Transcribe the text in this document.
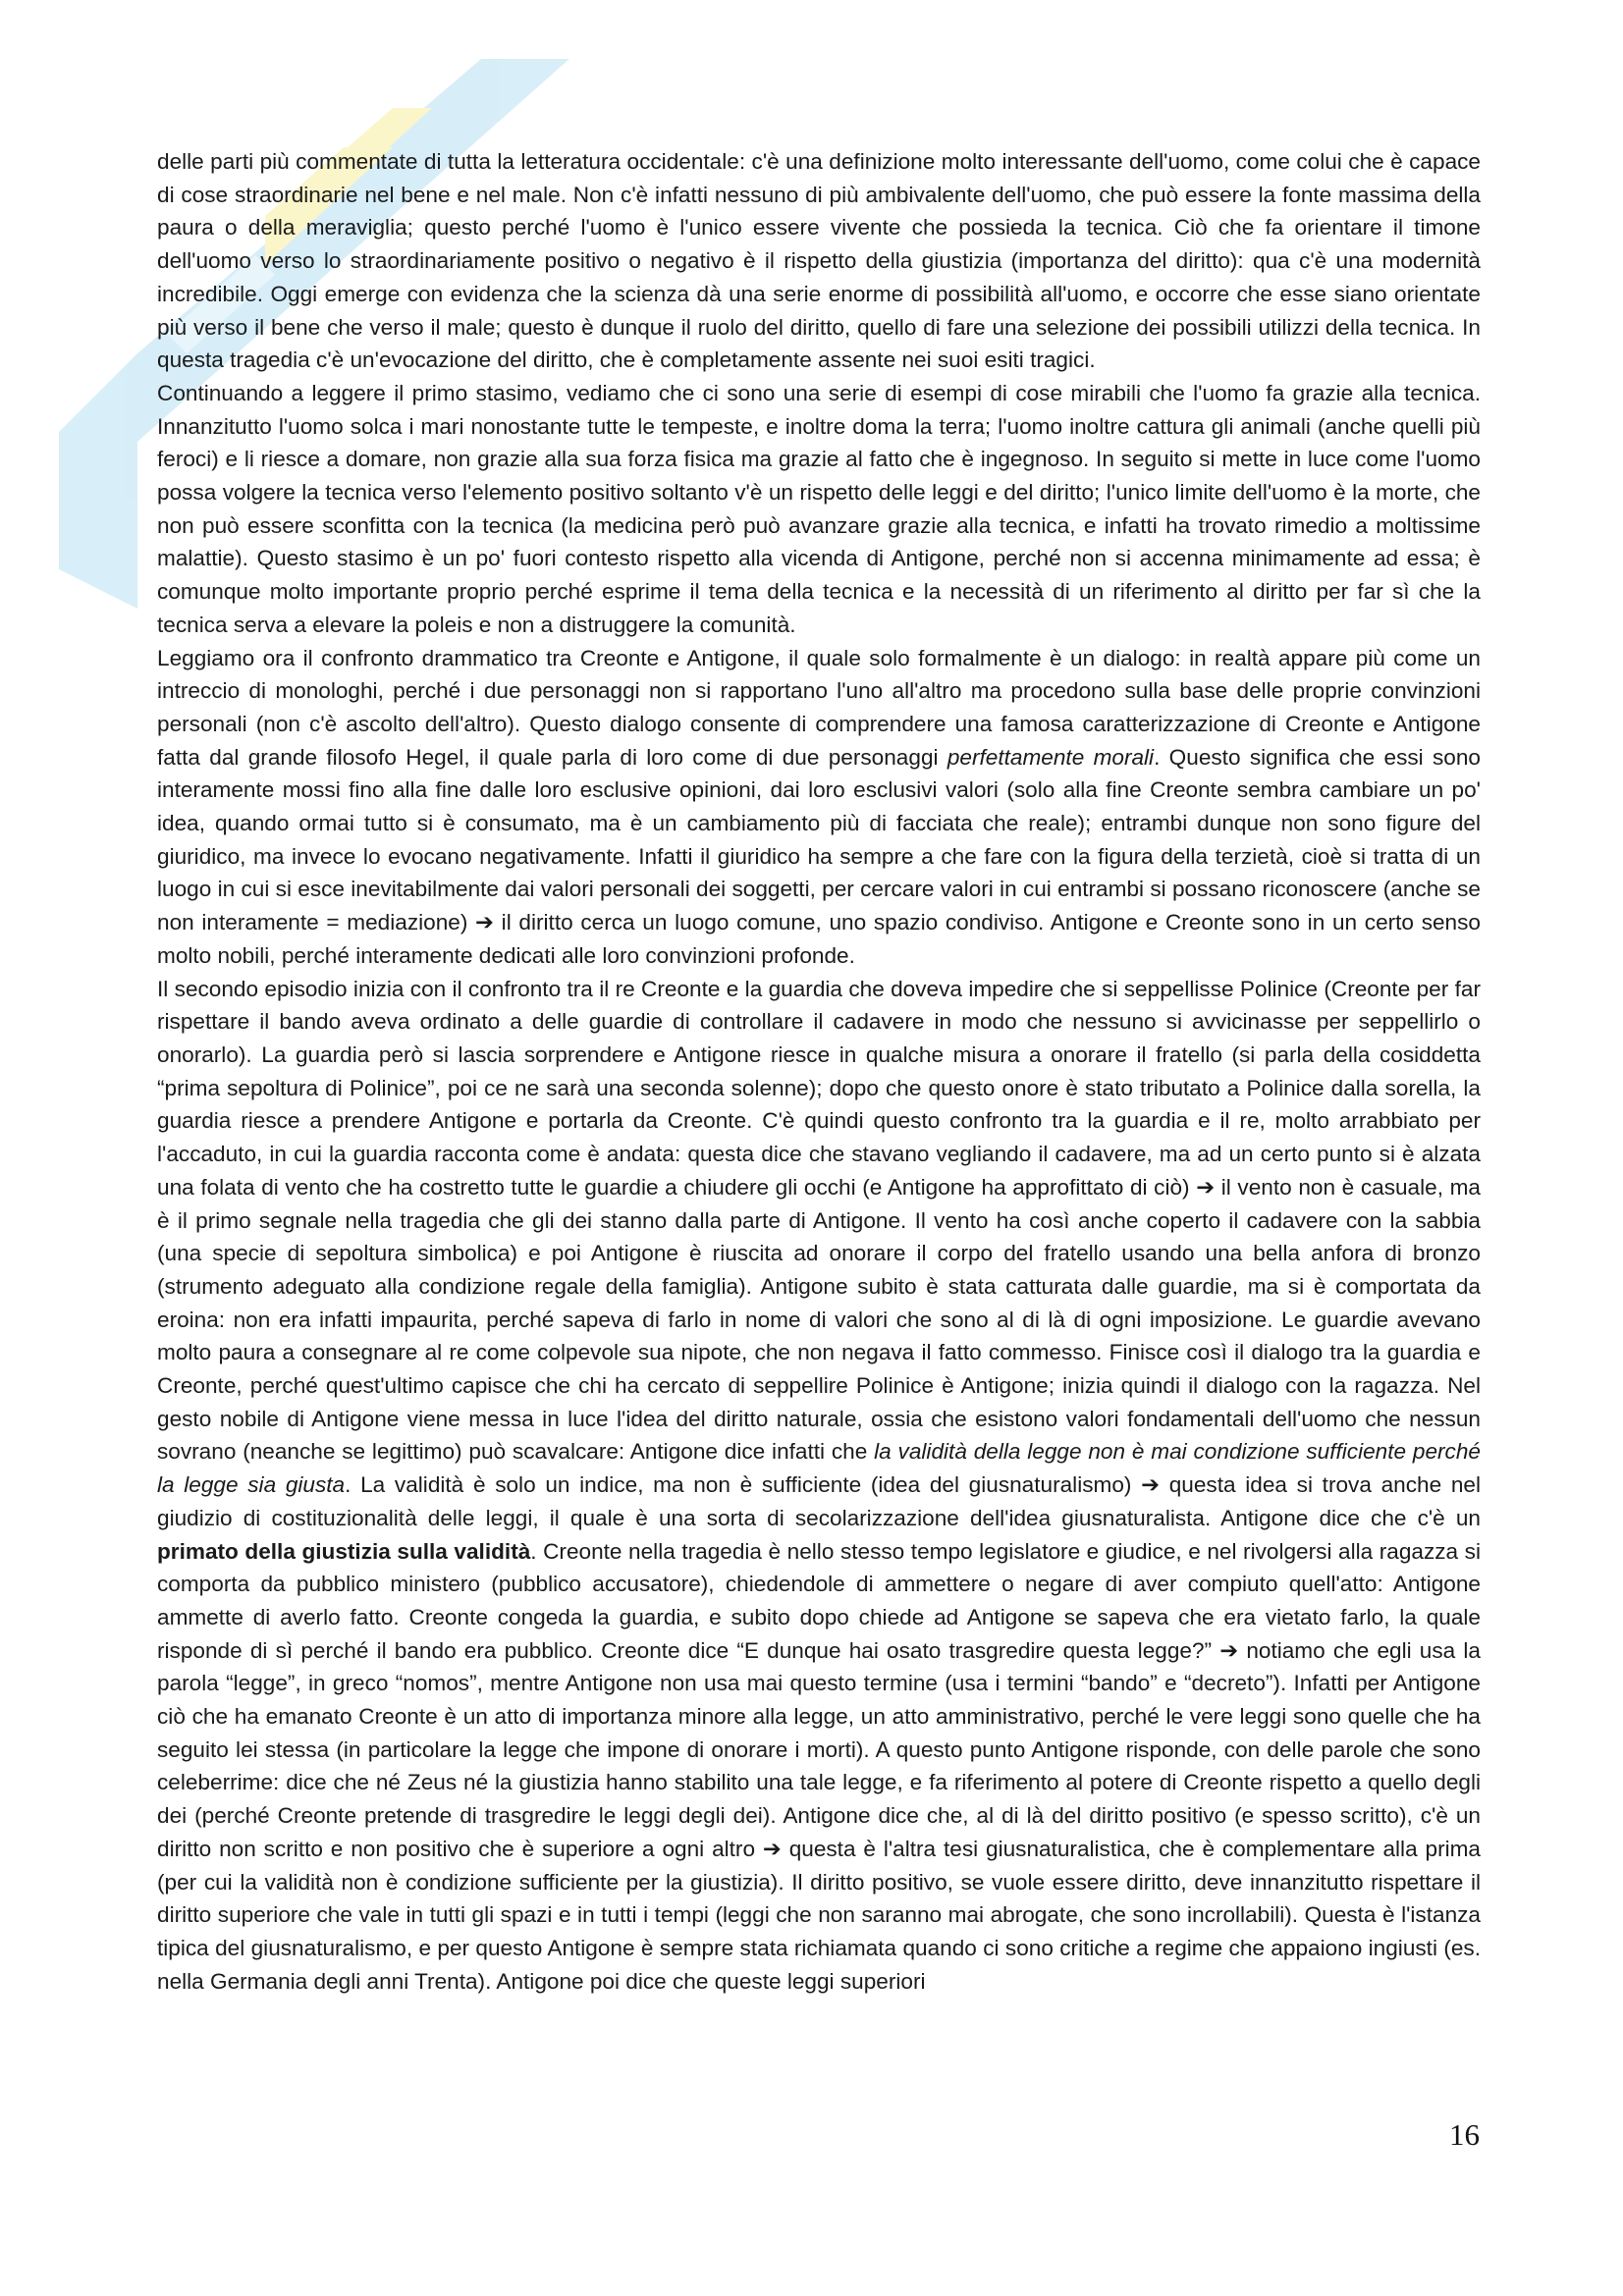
delle parti più commentate di tutta la letteratura occidentale: c'è una definizione molto interessante dell'uomo, come colui che è capace di cose straordinarie nel bene e nel male. Non c'è infatti nessuno di più ambivalente dell'uomo, che può essere la fonte massima della paura o della meraviglia; questo perché l'uomo è l'unico essere vivente che possieda la tecnica. Ciò che fa orientare il timone dell'uomo verso lo straordinariamente positivo o negativo è il rispetto della giustizia (importanza del diritto): qua c'è una modernità incredibile. Oggi emerge con evidenza che la scienza dà una serie enorme di possibilità all'uomo, e occorre che esse siano orientate più verso il bene che verso il male; questo è dunque il ruolo del diritto, quello di fare una selezione dei possibili utilizzi della tecnica. In questa tragedia c'è un'evocazione del diritto, che è completamente assente nei suoi esiti tragici.

Continuando a leggere il primo stasimo, vediamo che ci sono una serie di esempi di cose mirabili che l'uomo fa grazie alla tecnica. Innanzitutto l'uomo solca i mari nonostante tutte le tempeste, e inoltre doma la terra; l'uomo inoltre cattura gli animali (anche quelli più feroci) e li riesce a domare, non grazie alla sua forza fisica ma grazie al fatto che è ingegnoso. In seguito si mette in luce come l'uomo possa volgere la tecnica verso l'elemento positivo soltanto v'è un rispetto delle leggi e del diritto; l'unico limite dell'uomo è la morte, che non può essere sconfitta con la tecnica (la medicina però può avanzare grazie alla tecnica, e infatti ha trovato rimedio a moltissime malattie). Questo stasimo è un po' fuori contesto rispetto alla vicenda di Antigone, perché non si accenna minimamente ad essa; è comunque molto importante proprio perché esprime il tema della tecnica e la necessità di un riferimento al diritto per far sì che la tecnica serva a elevare la poleis e non a distruggere la comunità.

Leggiamo ora il confronto drammatico tra Creonte e Antigone, il quale solo formalmente è un dialogo: in realtà appare più come un intreccio di monologhi, perché i due personaggi non si rapportano l'uno all'altro ma procedono sulla base delle proprie convinzioni personali (non c'è ascolto dell'altro). Questo dialogo consente di comprendere una famosa caratterizzazione di Creonte e Antigone fatta dal grande filosofo Hegel, il quale parla di loro come di due personaggi perfettamente morali. Questo significa che essi sono interamente mossi fino alla fine dalle loro esclusive opinioni, dai loro esclusivi valori (solo alla fine Creonte sembra cambiare un po' idea, quando ormai tutto si è consumato, ma è un cambiamento più di facciata che reale); entrambi dunque non sono figure del giuridico, ma invece lo evocano negativamente. Infatti il giuridico ha sempre a che fare con la figura della terzietà, cioè si tratta di un luogo in cui si esce inevitabilmente dai valori personali dei soggetti, per cercare valori in cui entrambi si possano riconoscere (anche se non interamente = mediazione) ➔ il diritto cerca un luogo comune, uno spazio condiviso. Antigone e Creonte sono in un certo senso molto nobili, perché interamente dedicati alle loro convinzioni profonde.

Il secondo episodio inizia con il confronto tra il re Creonte e la guardia che doveva impedire che si seppellisse Polinice (Creonte per far rispettare il bando aveva ordinato a delle guardie di controllare il cadavere in modo che nessuno si avvicinasse per seppellirlo o onorarlo). La guardia però si lascia sorprendere e Antigone riesce in qualche misura a onorare il fratello (si parla della cosiddetta “prima sepoltura di Polinice”, poi ce ne sarà una seconda solenne); dopo che questo onore è stato tributato a Polinice dalla sorella, la guardia riesce a prendere Antigone e portarla da Creonte. C'è quindi questo confronto tra la guardia e il re, molto arrabbiato per l'accaduto, in cui la guardia racconta come è andata: questa dice che stavano vegliando il cadavere, ma ad un certo punto si è alzata una folata di vento che ha costretto tutte le guardie a chiudere gli occhi (e Antigone ha approfittato di ciò) ➔ il vento non è casuale, ma è il primo segnale nella tragedia che gli dei stanno dalla parte di Antigone. Il vento ha così anche coperto il cadavere con la sabbia (una specie di sepoltura simbolica) e poi Antigone è riuscita ad onorare il corpo del fratello usando una bella anfora di bronzo (strumento adeguato alla condizione regale della famiglia). Antigone subito è stata catturata dalle guardie, ma si è comportata da eroina: non era infatti impaurita, perché sapeva di farlo in nome di valori che sono al di là di ogni imposizione. Le guardie avevano molto paura a consegnare al re come colpevole sua nipote, che non negava il fatto commesso. Finisce così il dialogo tra la guardia e Creonte, perché quest'ultimo capisce che chi ha cercato di seppellire Polinice è Antigone; inizia quindi il dialogo con la ragazza. Nel gesto nobile di Antigone viene messa in luce l'idea del diritto naturale, ossia che esistono valori fondamentali dell'uomo che nessun sovrano (neanche se legittimo) può scavalcare: Antigone dice infatti che la validità della legge non è mai condizione sufficiente perché la legge sia giusta. La validità è solo un indice, ma non è sufficiente (idea del giusnaturalismo) ➔ questa idea si trova anche nel giudizio di costituzionalità delle leggi, il quale è una sorta di secolarizzazione dell'idea giusnaturalista. Antigone dice che c'è un primato della giustizia sulla validità. Creonte nella tragedia è nello stesso tempo legislatore e giudice, e nel rivolgersi alla ragazza si comporta da pubblico ministero (pubblico accusatore), chiedendole di ammettere o negare di aver compiuto quell'atto: Antigone ammette di averlo fatto. Creonte congeda la guardia, e subito dopo chiede ad Antigone se sapeva che era vietato farlo, la quale risponde di sì perché il bando era pubblico. Creonte dice “E dunque hai osato trasgredire questa legge?” ➔ notiamo che egli usa la parola “legge”, in greco “nomos”, mentre Antigone non usa mai questo termine (usa i termini “bando” e “decreto”). Infatti per Antigone ciò che ha emanato Creonte è un atto di importanza minore alla legge, un atto amministrativo, perché le vere leggi sono quelle che ha seguito lei stessa (in particolare la legge che impone di onorare i morti). A questo punto Antigone risponde, con delle parole che sono celeberrime: dice che né Zeus né la giustizia hanno stabilito una tale legge, e fa riferimento al potere di Creonte rispetto a quello degli dei (perché Creonte pretende di trasgredire le leggi degli dei). Antigone dice che, al di là del diritto positivo (e spesso scritto), c'è un diritto non scritto e non positivo che è superiore a ogni altro ➔ questa è l'altra tesi giusnaturalistica, che è complementare alla prima (per cui la validità non è condizione sufficiente per la giustizia). Il diritto positivo, se vuole essere diritto, deve innanzitutto rispettare il diritto superiore che vale in tutti gli spazi e in tutti i tempi (leggi che non saranno mai abrogate, che sono incrollabili). Questa è l'istanza tipica del giusnaturalismo, e per questo Antigone è sempre stata richiamata quando ci sono critiche a regime che appaiono ingiusti (es. nella Germania degli anni Trenta). Antigone poi dice che queste leggi superiori

16
